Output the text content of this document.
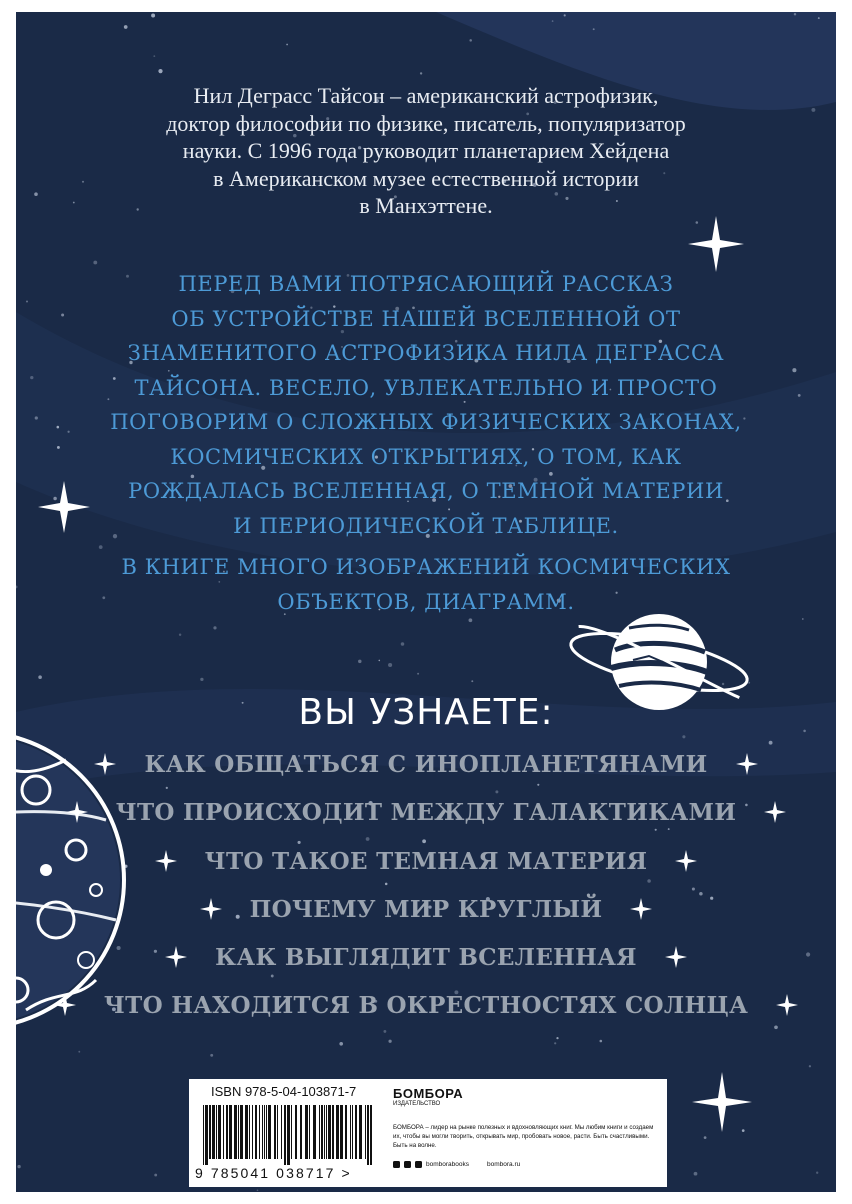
Нил Деграсс Тайсон – американский астрофизик,
доктор философии по физике, писатель, популяризатор
науки. С 1996 года руководит планетарием Хейдена
в Американском музее естественной истории
в Манхэттене.
ПЕРЕД ВАМИ ПОТРЯСАЮЩИЙ РАССКАЗ
ОБ УСТРОЙСТВЕ НАШЕЙ ВСЕЛЕННОЙ ОТ
ЗНАМЕНИТОГО АСТРОФИЗИКА НИЛА ДЕГРАССА
ТАЙСОНА. ВЕСЕЛО, УВЛЕКАТЕЛЬНО И ПРОСТО
ПОГОВОРИМ О СЛОЖНЫХ ФИЗИЧЕСКИХ ЗАКОНАХ,
КОСМИЧЕСКИХ ОТКРЫТИЯХ, О ТОМ, КАК
РОЖДАЛАСЬ ВСЕЛЕННАЯ, О ТЕМНОЙ МАТЕРИИ
И ПЕРИОДИЧЕСКОЙ ТАБЛИЦЕ.
В КНИГЕ МНОГО ИЗОБРАЖЕНИЙ КОСМИЧЕСКИХ
ОБЪЕКТОВ, ДИАГРАММ.
ВЫ УЗНАЕТЕ:
КАК ОБЩАТЬСЯ С ИНОПЛАНЕТЯНАМИ
ЧТО ПРОИСХОДИТ МЕЖДУ ГАЛАКТИКАМИ
ЧТО ТАКОЕ ТЕМНАЯ МАТЕРИЯ
ПОЧЕМУ МИР КРУГЛЫЙ
КАК ВЫГЛЯДИТ ВСЕЛЕННАЯ
ЧТО НАХОДИТСЯ В ОКРЕСТНОСТЯХ СОЛНЦА
ISBN 978-5-04-103871-7
9 785041 038717 >
БОМБОРА
ИЗДАТЕЛЬСТВО
БОМБОРА – лидер на рынке полезных и вдохновляющих книг. Мы любим книги и создаем их, чтобы вы могли творить, открывать мир, пробовать новое, расти. Быть счастливыми. Быть на волне.
bomborabooks	bombora.ru
